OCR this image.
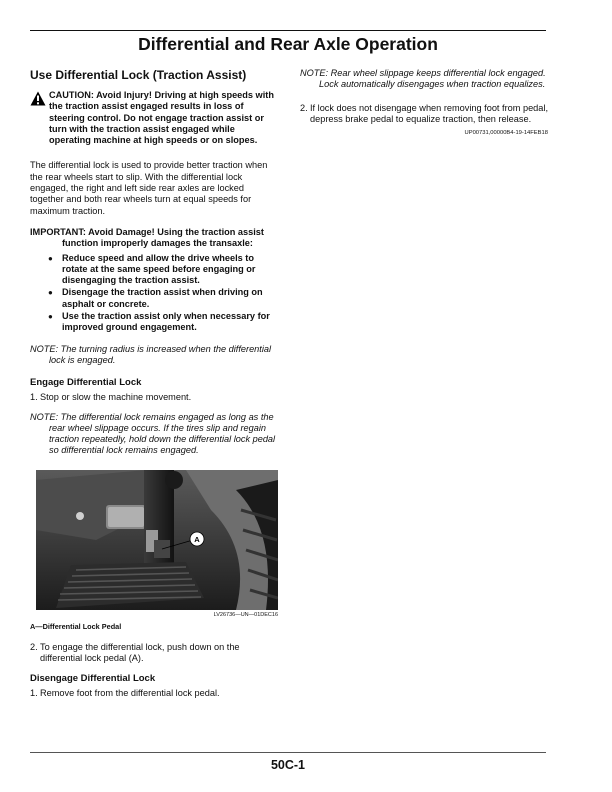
Differential and Rear Axle Operation
Use Differential Lock (Traction Assist)
CAUTION: Avoid Injury! Driving at high speeds with the traction assist engaged results in loss of steering control. Do not engage traction assist or turn with the traction assist engaged while operating machine at high speeds or on slopes.

The differential lock is used to provide better traction when the rear wheels start to slip. With the differential lock engaged, the right and left side rear axles are locked together and both rear wheels turn at equal speeds for maximum traction.

IMPORTANT: Avoid Damage! Using the traction assist function improperly damages the transaxle:
● Reduce speed and allow the drive wheels to rotate at the same speed before engaging or disengaging the traction assist.
● Disengage the traction assist when driving on asphalt or concrete.
● Use the traction assist only when necessary for improved ground engagement.

NOTE: The turning radius is increased when the differential lock is engaged.

Engage Differential Lock
1. Stop or slow the machine movement.

NOTE: The differential lock remains engaged as long as the rear wheel slippage occurs. If the tires slip and regain traction repeatedly, hold down the differential lock pedal so differential lock remains engaged.

A
LV26736—UN—01DEC16
A—Differential Lock Pedal
2. To engage the differential lock, push down on the differential lock pedal (A).
Disengage Differential Lock
1. Remove foot from the differential lock pedal.

NOTE: Rear wheel slippage keeps differential lock engaged. Lock automatically disengages when traction equalizes.

2. If lock does not disengage when removing foot from pedal, depress brake pedal to equalize traction, then release.
UP00731,00000B4-19-14FEB18
50C-1
